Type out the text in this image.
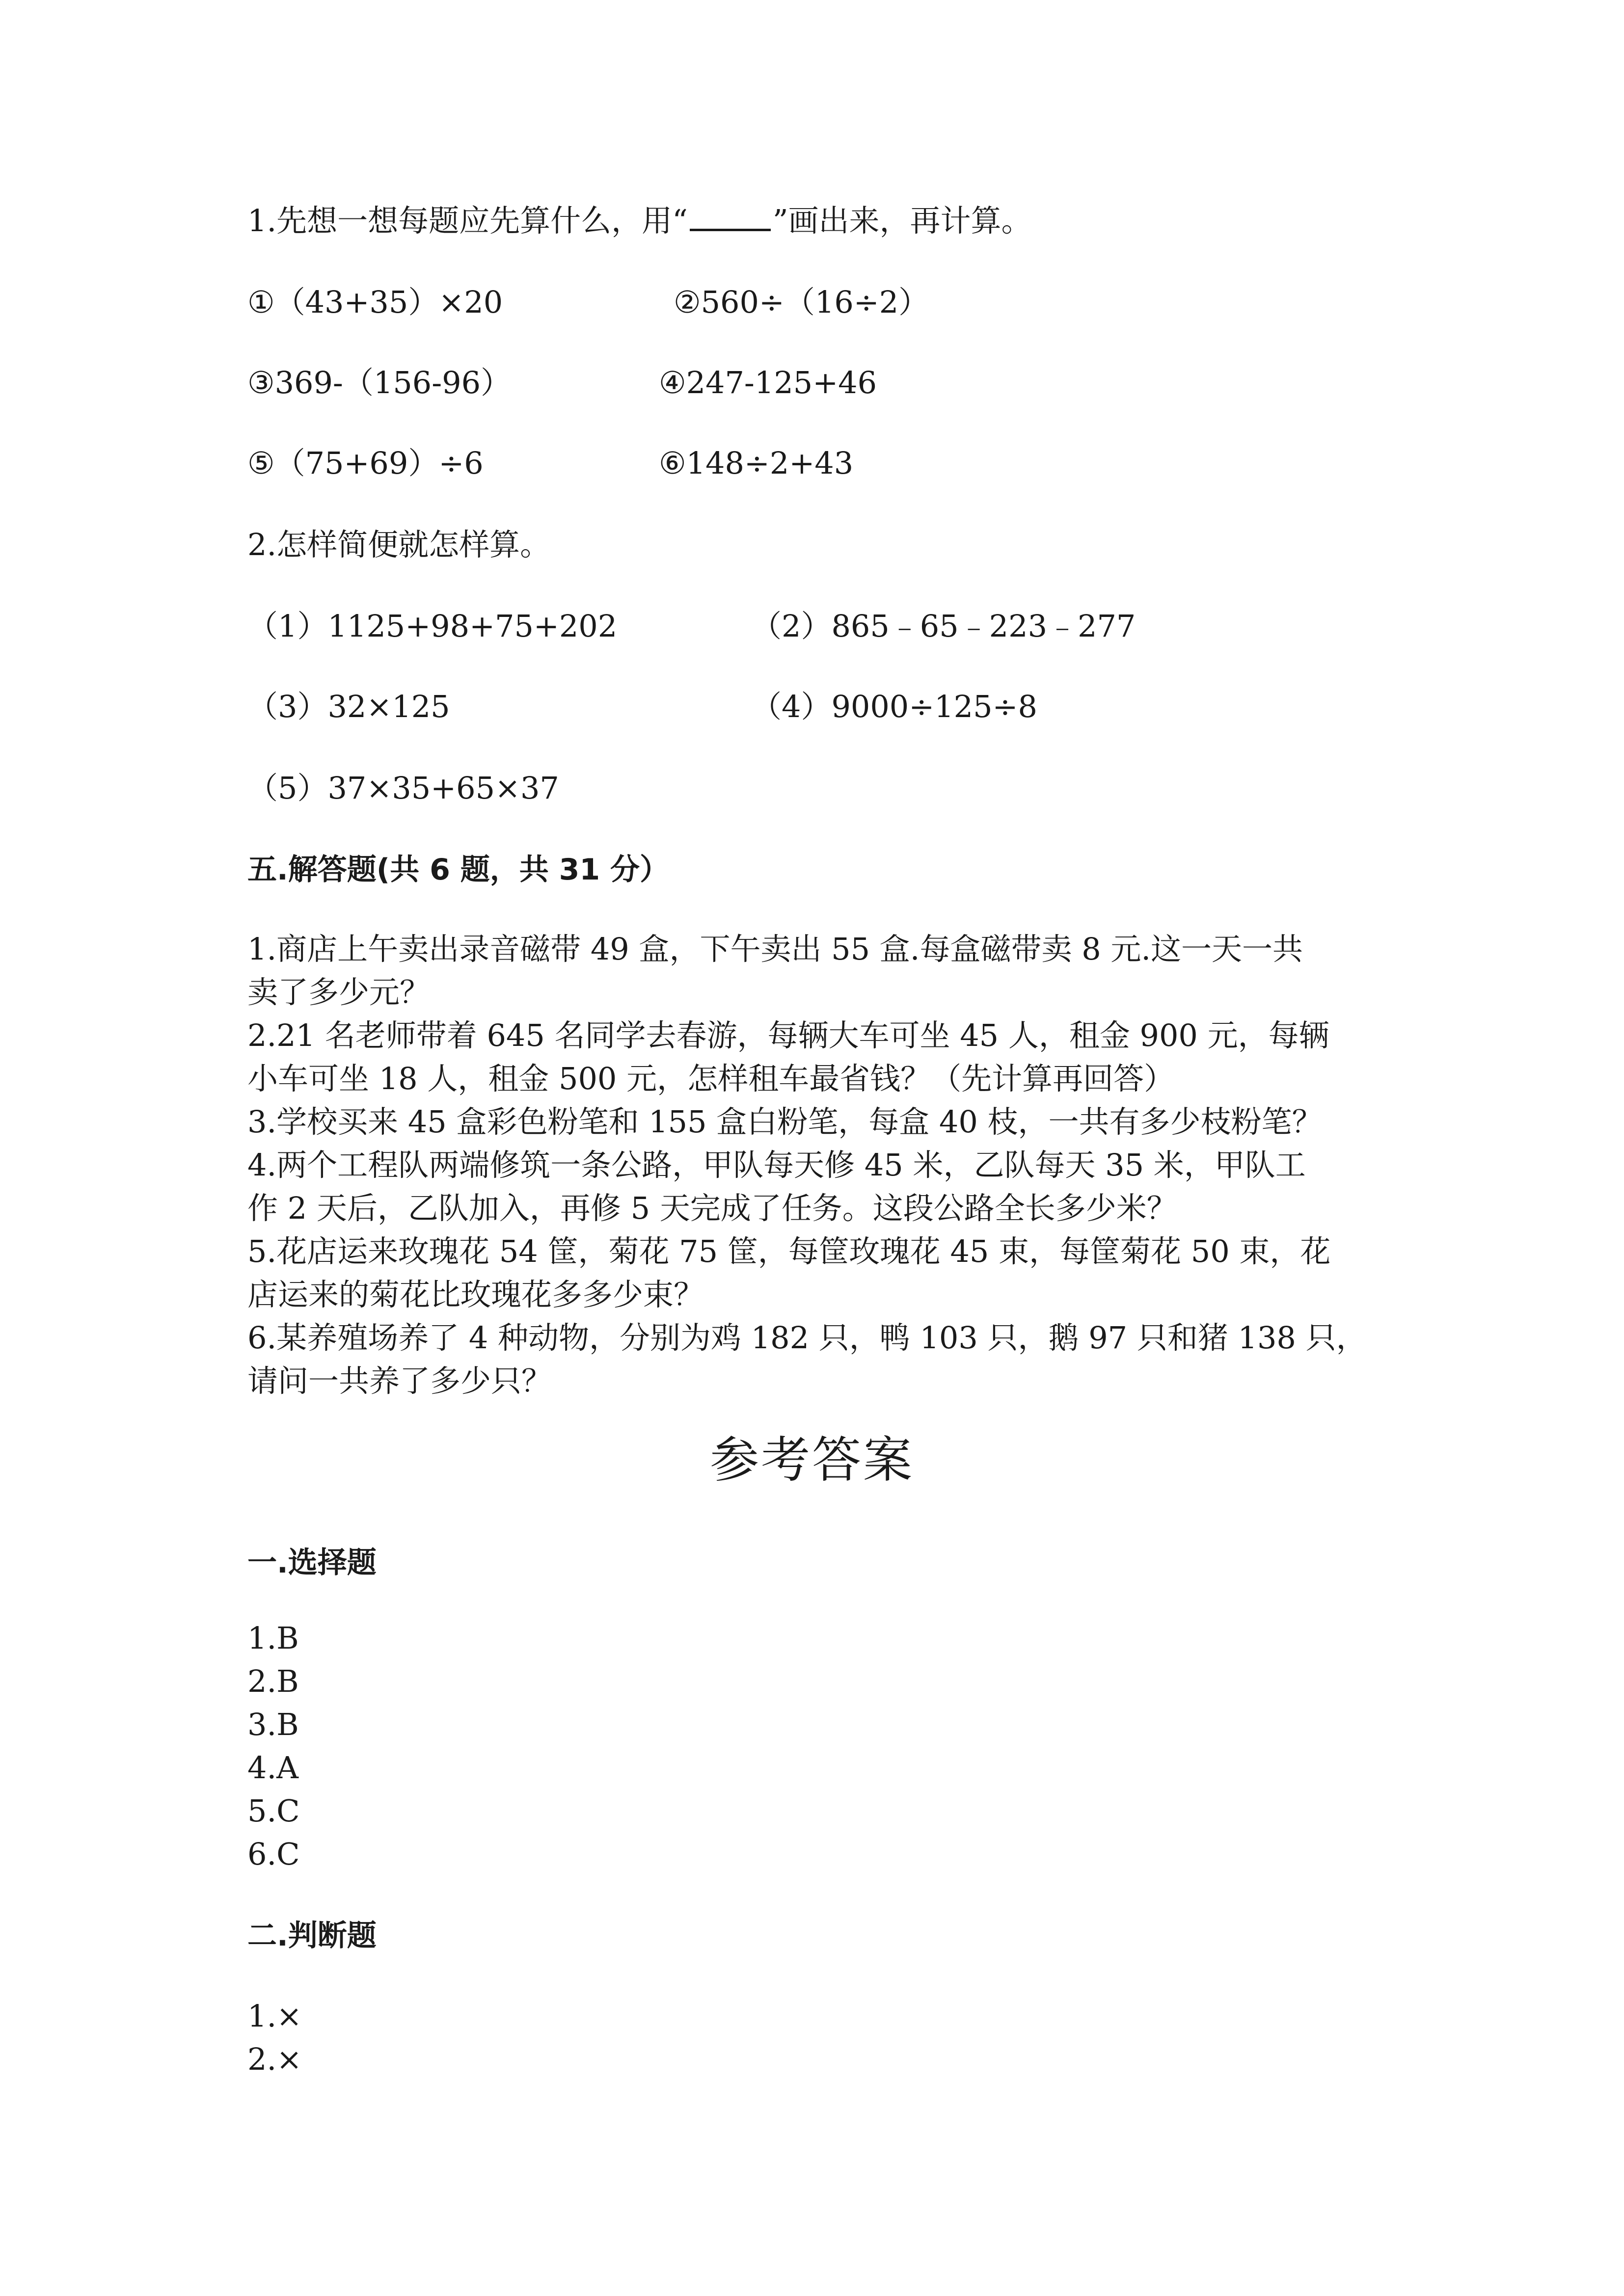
1.先想一想每题应先算什么，用“	”画出来，再计算。
①（43+35）×20	②560÷（16÷2）
③369-（156-96）	④247-125+46
⑤（75+69）÷6	⑥148÷2+43
2.怎样简便就怎样算。
（1）1125+98+75+202	（2）865﹣65﹣223﹣277
（3）32×125	（4）9000÷125÷8
（5）37×35+65×37
五.解答题(共 6 题，共 31 分）

1.商店上午卖出录音磁带 49 盒，下午卖出 55 盒.每盒磁带卖 8 元.这一天一共

卖了多少元？

2.21 名老师带着 645 名同学去春游，每辆大车可坐 45 人，租金 900 元，每辆

小车可坐 18 人，租金 500 元，怎样租车最省钱？（先计算再回答）

3.学校买来 45 盒彩色粉笔和 155 盒白粉笔，每盒 40 枝，一共有多少枝粉笔？

4.两个工程队两端修筑一条公路，甲队每天修 45 米，乙队每天 35 米，甲队工

作 2 天后，乙队加入，再修 5 天完成了任务。这段公路全长多少米？

5.花店运来玫瑰花 54 筐，菊花 75 筐，每筐玫瑰花 45 束，每筐菊花 50 束，花

店运来的菊花比玫瑰花多多少束？

6.某养殖场养了 4 种动物，分别为鸡 182 只，鸭 103 只，鹅 97 只和猪 138 只，

请问一共养了多少只？

参考答案
一.选择题

1.B

2.B

3.B

4.A

5.C

6.C

二.判断题

1.×

2.×
